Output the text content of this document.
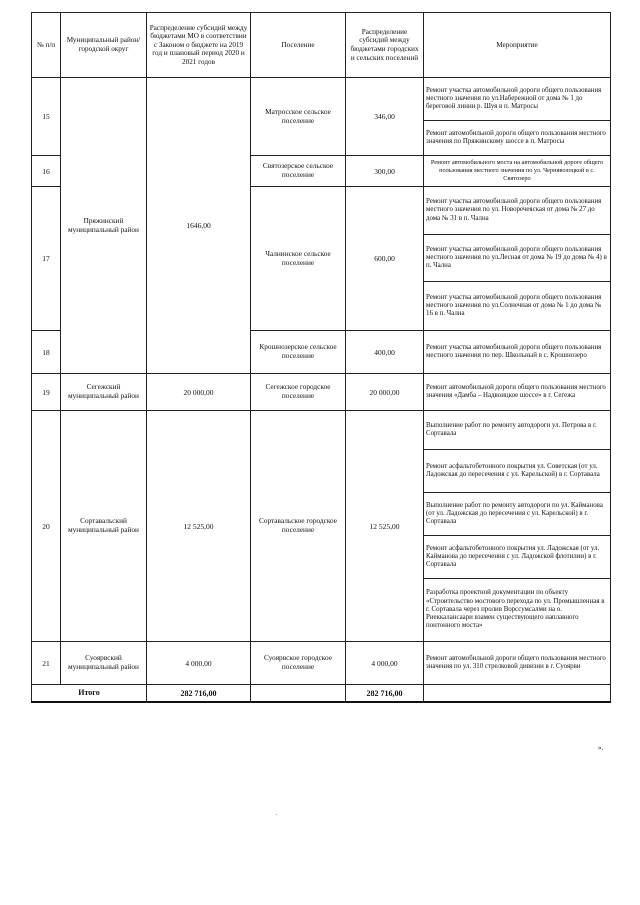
№ п/п	Муниципальный район/городской округ	Распределение субсидий между бюджетами МО в соответствии с Законом о бюджете на 2019 год и плановый период 2020 и 2021 годов	Поселение	Распределение субсидий между бюджетами городских и сельских поселений	Мероприятие
15	Пряжинский муниципальный район	1646,00	Матросское сельское поселение	346,00	Ремонт участка автомобильной дороги общего пользования местного значения по ул.Набережной от дома № 1 до береговой линии р. Шуя в п. Матросы
					Ремонт автомобильной дороги общего пользования местного значения по Пряжинскому шоссе в п. Матросы
16			Святозерское сельское поселение	300,00	Ремонт автомобильного моста на автомобильной дороге общего пользования местного значения по ул. Черняволоцкой в с. Святозеро
17			Чалнинское сельское поселение	600,00	Ремонт участка автомобильной дороги общего пользования местного значения по ул. Новоречеяская от дома № 27 до дома № 31 в п. Чална
					Ремонт участка автомобильной дороги общего пользования местного значения по ул.Лесная от дома № 19 до дома № 4) в п. Чална
					Ремонт участка автомобильной дороги общего пользования местного значения по ул.Солнечная от дома № 1 до дома № 16 в п. Чална
18			Крошнозерское сельское поселение	400,00	Ремонт участка автомобильной дороги общего пользования местного значения по пер. Школьный в с. Крошнозеро
19	Сегежский муниципальный район	20 000,00	Сегежское городское поселение	20 000,00	Ремонт автомобильной дороги общего пользования местного значения «Дамба – Надвоицкое шоссе» в г. Сегежа
20	Сортавальский муниципальный район	12 525,00	Сортавальское городское поселение	12 525,00	Выполнение работ по ремонту автодороги ул. Петрова в г. Сортавала
					Ремонт асфальтобетонного покрытия ул. Советская (от ул. Ладожская до пересечения с ул. Карельской) в г. Сортавала
					Выполнение работ по ремонту автодороги по ул. Кайманова (от ул. Ладожская до пересечения с ул. Карельской) в г. Сортавала
					Ремонт асфальтобетонного покрытия ул. Ладожская (от ул. Кайманова до пересечения с ул. Ладожской флотилии) в г. Сортавала
					Разработка проектной документации по объекту «Строительство мостового перехода по ул. Промышленная в г. Сортавала через пролив Ворссумсалми на о. Риеккалансаари взамен существующего наплавного понтонного моста»
21	Суоярвский муниципальный район	4 000,00	Суоярвское городское поселение	4 000,00	Ремонт автомобильной дороги общего пользования местного значения по ул. 310 стрелковой дивизии в г. Суоярви
Итого		282 716,00		282 716,00	
».
.
